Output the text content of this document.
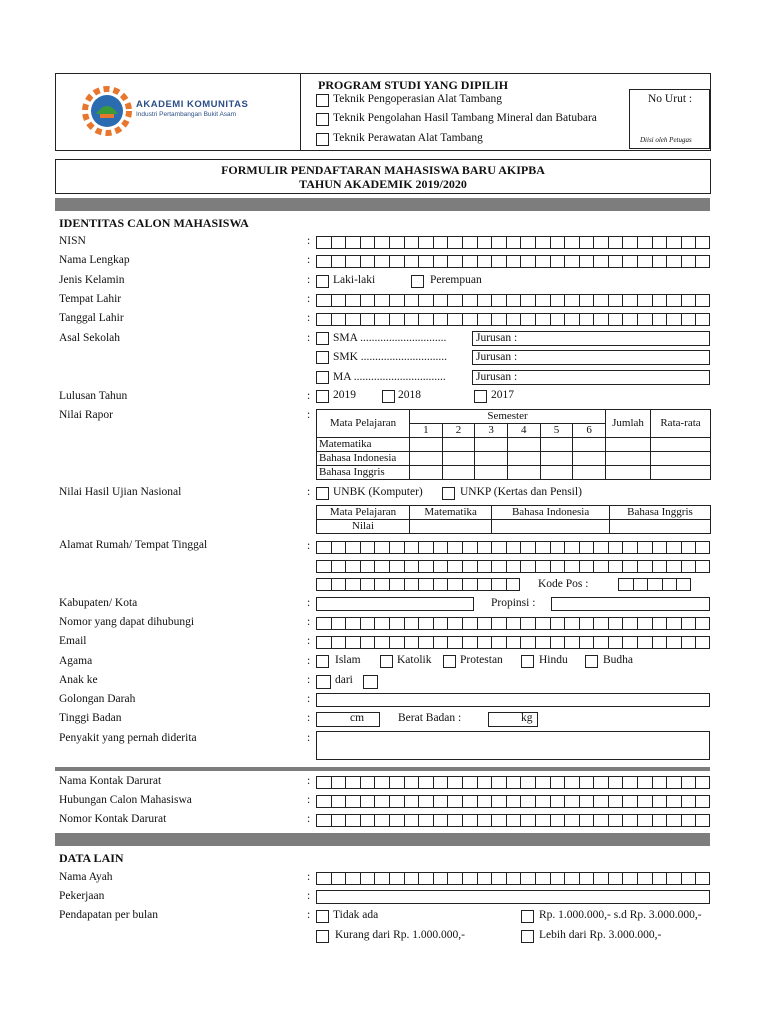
AKADEMI KOMUNITAS
Industri Pertambangan Bukit Asam
PROGRAM STUDI YANG DIPILIH
Teknik Pengoperasian Alat Tambang
Teknik Pengolahan Hasil Tambang Mineral dan Batubara
Teknik Perawatan Alat Tambang
No Urut :
Diisi oleh Petugas
FORMULIR PENDAFTARAN MAHASISWA BARU AKIPBA
TAHUN AKADEMIK 2019/2020
IDENTITAS CALON MAHASISWA
NISN	:
Nama Lengkap	:
Jenis Kelamin	: Laki-laki	Perempuan
Tempat Lahir	:
Tanggal Lahir	:
Asal Sekolah	: SMA ..............................	Jurusan :
SMK ..............................	Jurusan :
MA ................................	Jurusan :
Lulusan Tahun	: 2019	2018	2017
Nilai Rapor	:
Mata Pelajaran	Semester						Jumlah	Rata-rata
	1	2	3	4	5	6		
Matematika								
Bahasa Indonesia								
Bahasa Inggris								
Nilai Hasil Ujian Nasional	: UNBK (Komputer)	UNKP (Kertas dan Pensil)
Mata Pelajaran	Matematika	Bahasa Indonesia	Bahasa Inggris
Nilai			
Alamat Rumah/ Tempat Tinggal	:
Kode Pos :
Kabupaten/ Kota	:	Propinsi :
Nomor yang dapat dihubungi	:
Email	:
Agama	: Islam	Katolik Protestan	Hindu	Budha
Anak ke	: dari
Golongan Darah	:
Tinggi Badan	:	cm	Berat Badan :	kg
Penyakit yang pernah diderita	:
Nama Kontak Darurat	:
Hubungan Calon Mahasiswa	:
Nomor Kontak Darurat	:
DATA LAIN
Nama Ayah	:
Pekerjaan	:
Pendapatan per bulan	: Tidak ada	Rp. 1.000.000,- s.d Rp. 3.000.000,-
Kurang dari Rp. 1.000.000,-	Lebih dari Rp. 3.000.000,-
